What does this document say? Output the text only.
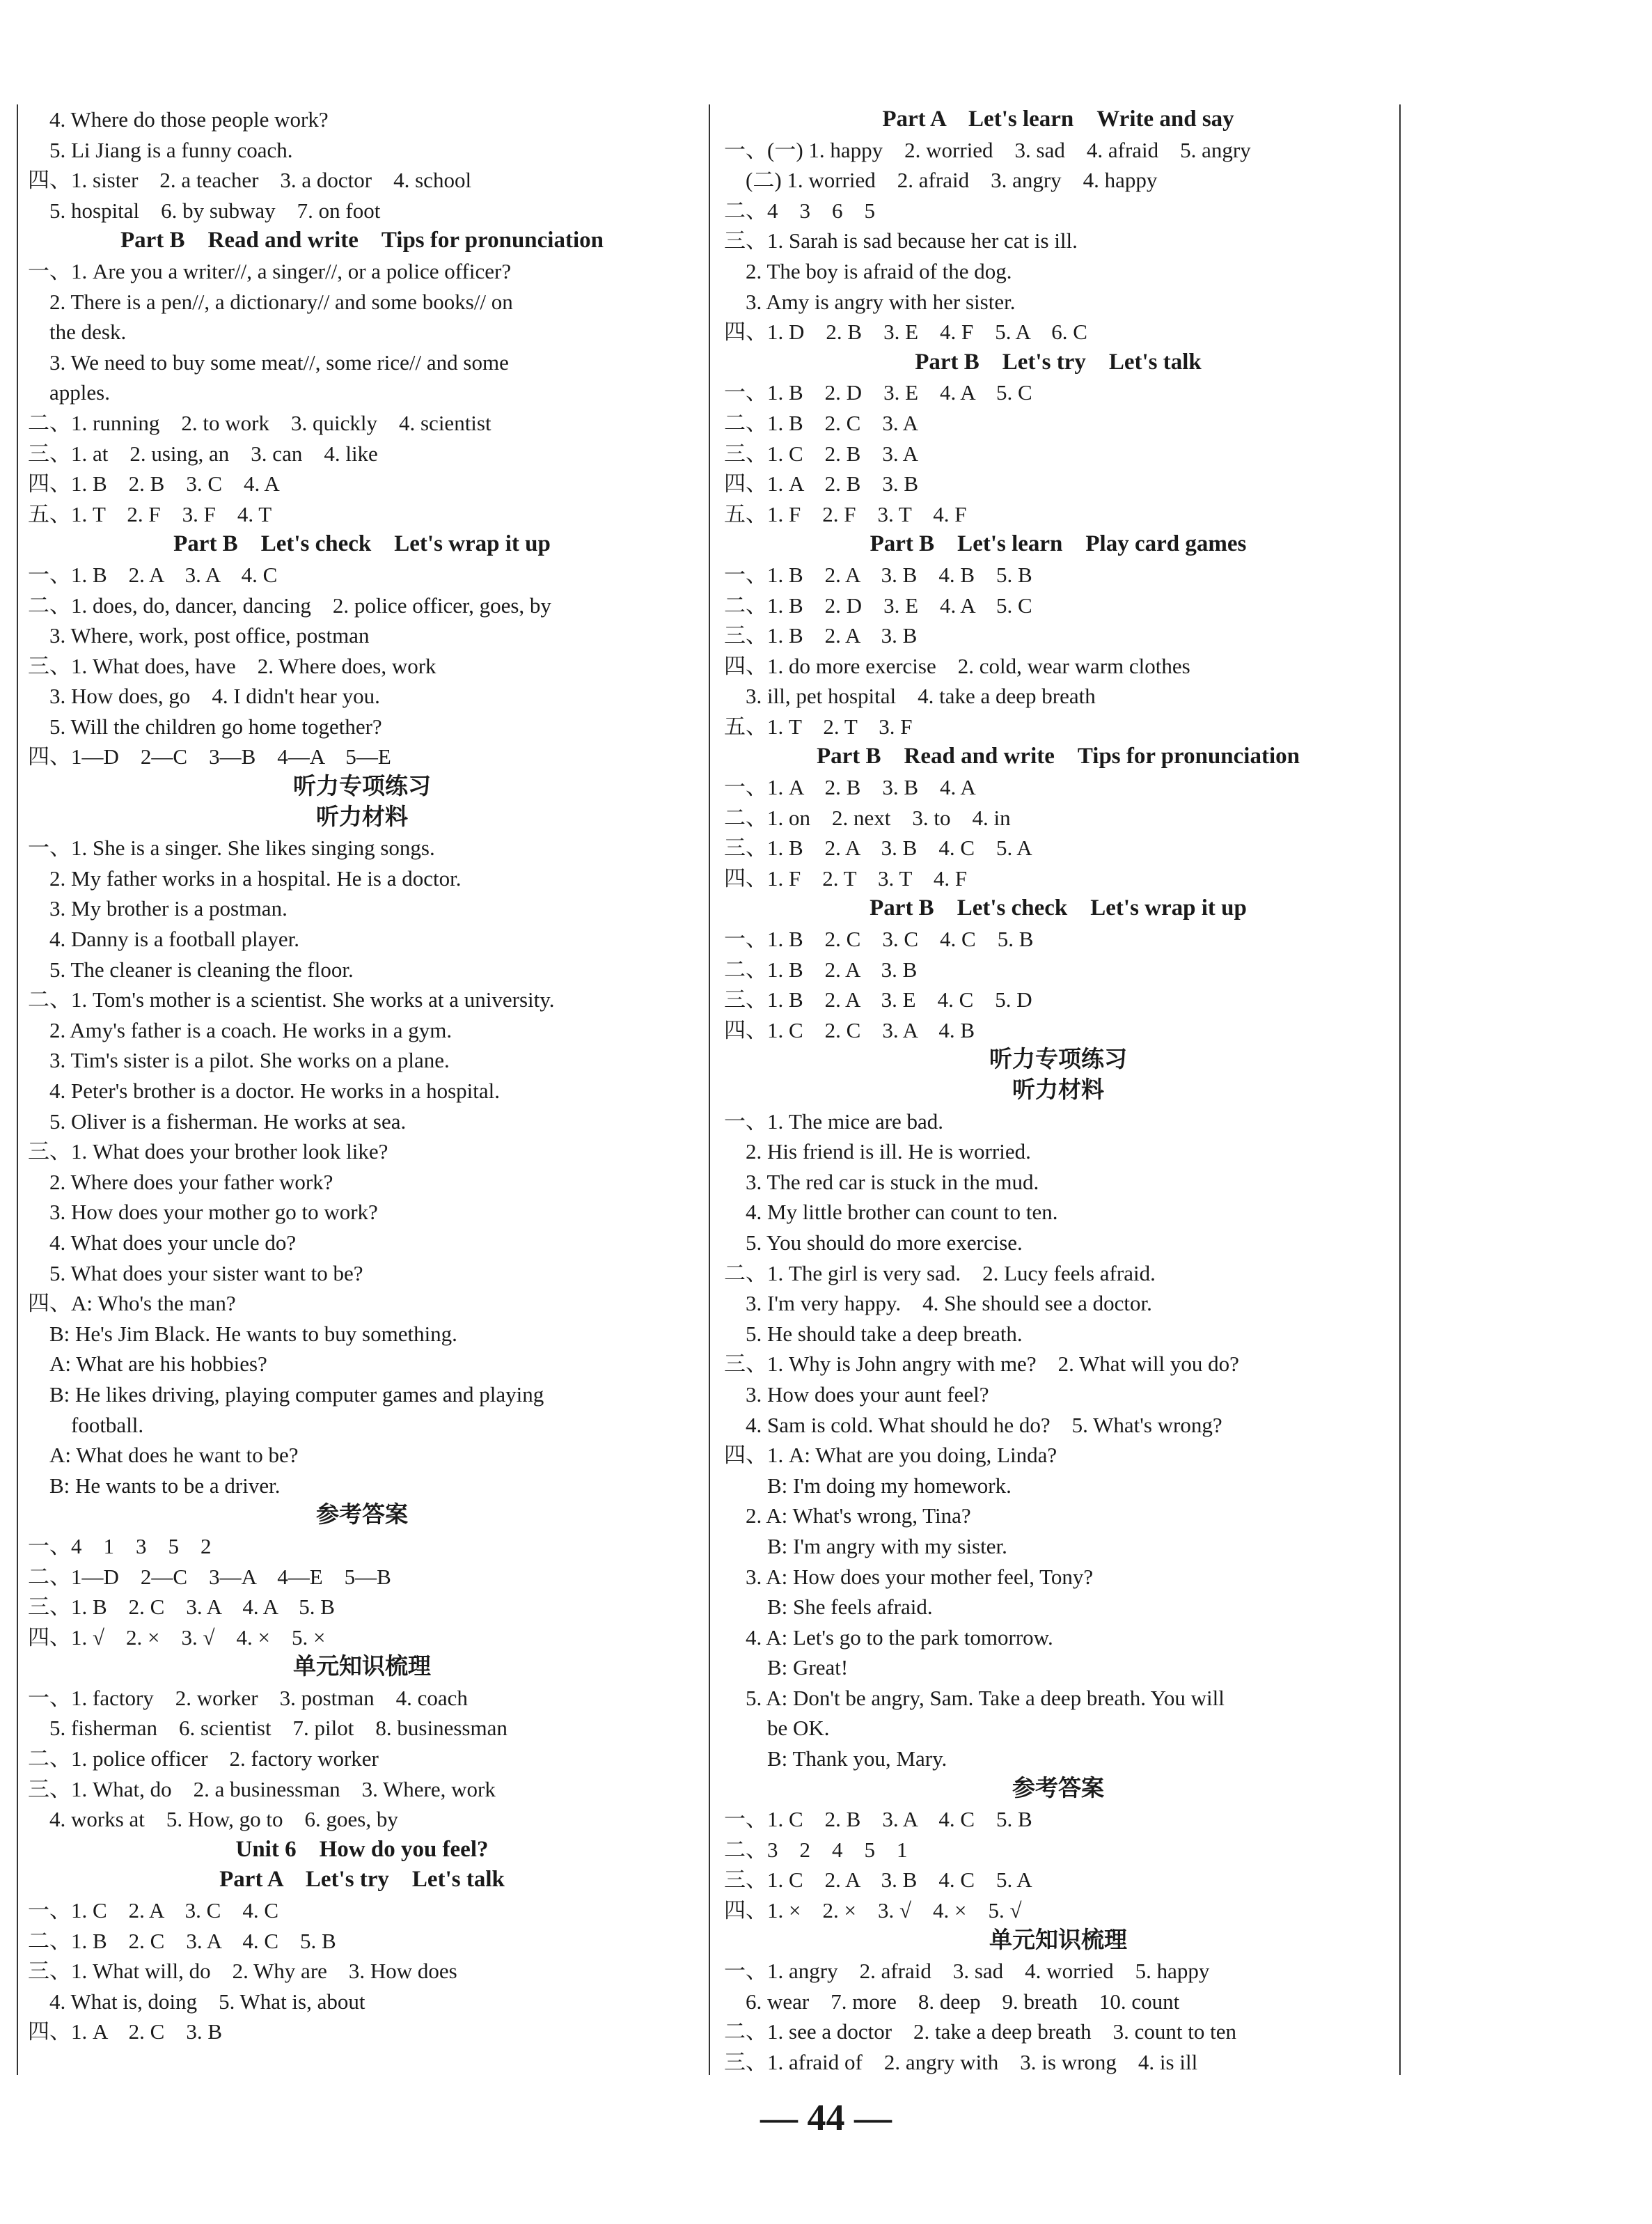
　4. Where do those people work?
　5. Li Jiang is a funny coach.
四、1. sister　2. a teacher　3. a doctor　4. school
　5. hospital　6. by subway　7. on foot
Part B　Read and write　Tips for pronunciation
一、1. Are you a writer//, a singer//, or a police officer?
　2. There is a pen//, a dictionary// and some books// on
　the desk.
　3. We need to buy some meat//, some rice// and some
　apples.
二、1. running　2. to work　3. quickly　4. scientist
三、1. at　2. using, an　3. can　4. like
四、1. B　2. B　3. C　4. A
五、1. T　2. F　3. F　4. T
Part B　Let's check　Let's wrap it up
一、1. B　2. A　3. A　4. C
二、1. does, do, dancer, dancing　2. police officer, goes, by
　3. Where, work, post office, postman
三、1. What does, have　2. Where does, work
　3. How does, go　4. I didn't hear you.
　5. Will the children go home together?
四、1—D　2—C　3—B　4—A　5—E
听力专项练习
听力材料
一、1. She is a singer. She likes singing songs.
　2. My father works in a hospital. He is a doctor.
　3. My brother is a postman.
　4. Danny is a football player.
　5. The cleaner is cleaning the floor.
二、1. Tom's mother is a scientist. She works at a university.
　2. Amy's father is a coach. He works in a gym.
　3. Tim's sister is a pilot. She works on a plane.
　4. Peter's brother is a doctor. He works in a hospital.
　5. Oliver is a fisherman. He works at sea.
三、1. What does your brother look like?
　2. Where does your father work?
　3. How does your mother go to work?
　4. What does your uncle do?
　5. What does your sister want to be?
四、A: Who's the man?
　B: He's Jim Black. He wants to buy something.
　A: What are his hobbies?
　B: He likes driving, playing computer games and playing
　　football.
　A: What does he want to be?
　B: He wants to be a driver.
参考答案
一、4　1　3　5　2
二、1—D　2—C　3—A　4—E　5—B
三、1. B　2. C　3. A　4. A　5. B
四、1. √　2. ×　3. √　4. ×　5. ×
单元知识梳理
一、1. factory　2. worker　3. postman　4. coach
　5. fisherman　6. scientist　7. pilot　8. businessman
二、1. police officer　2. factory worker
三、1. What, do　2. a businessman　3. Where, work
　4. works at　5. How, go to　6. goes, by
Unit 6　How do you feel?
Part A　Let's try　Let's talk
一、1. C　2. A　3. C　4. C
二、1. B　2. C　3. A　4. C　5. B
三、1. What will, do　2. Why are　3. How does
　4. What is, doing　5. What is, about
四、1. A　2. C　3. B
Part A　Let's learn　Write and say
一、(一) 1. happy　2. worried　3. sad　4. afraid　5. angry
　(二) 1. worried　2. afraid　3. angry　4. happy
二、4　3　6　5
三、1. Sarah is sad because her cat is ill.
　2. The boy is afraid of the dog.
　3. Amy is angry with her sister.
四、1. D　2. B　3. E　4. F　5. A　6. C
Part B　Let's try　Let's talk
一、1. B　2. D　3. E　4. A　5. C
二、1. B　2. C　3. A
三、1. C　2. B　3. A
四、1. A　2. B　3. B
五、1. F　2. F　3. T　4. F
Part B　Let's learn　Play card games
一、1. B　2. A　3. B　4. B　5. B
二、1. B　2. D　3. E　4. A　5. C
三、1. B　2. A　3. B
四、1. do more exercise　2. cold, wear warm clothes
　3. ill, pet hospital　4. take a deep breath
五、1. T　2. T　3. F
Part B　Read and write　Tips for pronunciation
一、1. A　2. B　3. B　4. A
二、1. on　2. next　3. to　4. in
三、1. B　2. A　3. B　4. C　5. A
四、1. F　2. T　3. T　4. F
Part B　Let's check　Let's wrap it up
一、1. B　2. C　3. C　4. C　5. B
二、1. B　2. A　3. B
三、1. B　2. A　3. E　4. C　5. D
四、1. C　2. C　3. A　4. B
听力专项练习
听力材料
一、1. The mice are bad.
　2. His friend is ill. He is worried.
　3. The red car is stuck in the mud.
　4. My little brother can count to ten.
　5. You should do more exercise.
二、1. The girl is very sad.　2. Lucy feels afraid.
　3. I'm very happy.　4. She should see a doctor.
　5. He should take a deep breath.
三、1. Why is John angry with me?　2. What will you do?
　3. How does your aunt feel?
　4. Sam is cold. What should he do?　5. What's wrong?
四、1. A: What are you doing, Linda?
　　B: I'm doing my homework.
　2. A: What's wrong, Tina?
　　B: I'm angry with my sister.
　3. A: How does your mother feel, Tony?
　　B: She feels afraid.
　4. A: Let's go to the park tomorrow.
　　B: Great!
　5. A: Don't be angry, Sam. Take a deep breath. You will
　　be OK.
　　B: Thank you, Mary.
参考答案
一、1. C　2. B　3. A　4. C　5. B
二、3　2　4　5　1
三、1. C　2. A　3. B　4. C　5. A
四、1. ×　2. ×　3. √　4. ×　5. √
单元知识梳理
一、1. angry　2. afraid　3. sad　4. worried　5. happy
　6. wear　7. more　8. deep　9. breath　10. count
二、1. see a doctor　2. take a deep breath　3. count to ten
三、1. afraid of　2. angry with　3. is wrong　4. is ill
— 44 —
